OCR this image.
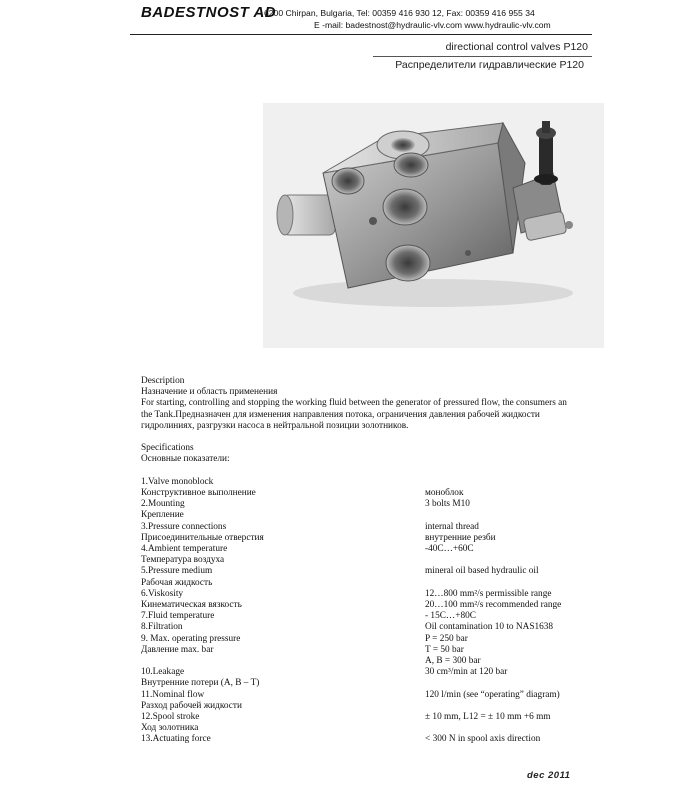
BADESTNOST AD
6200 Chirpan, Bulgaria, Tel: 00359 416 930 12, Fax: 00359 416 955 34
E -mail: badestnost@hydraulic-vlv.com www.hydraulic-vlv.com
directional control valves P120
Распределители гидравлические P120

Description

Назначение и область применения

For starting, controlling and stopping the working fluid between the generator of pressured flow, the consumers an

the Tank.Предназначен для изменения направления потока, ограничения давления рабочей жидкости

гидролиниях, разгрузки насоса в нейтральной позиции золотников.

Specifications

Основные показатели:

1.Valve monoblock
Конструктивное выполнение	моноблок
2.Mounting	3 bolts M10
Крепление
3.Pressure connections	internal thread
Присоединительные отверстия	внутренние резби
4.Ambient temperature	-40C…+60C
Температура воздуха
5.Pressure medium	mineral oil based hydraulic oil
Рабочая жидкость
6.Viskosity	12…800 mm²/s permissible range
Кинематическая вязкость	20…100 mm²/s recommended range
7.Fluid temperature	- 15C…+80C
8.Filtration	Oil contamination 10 to NAS1638
9. Max. operating pressure	P = 250 bar
Давление max. bar	T = 50 bar
A, B = 300 bar
10.Leakage	30 cm³/min at 120 bar
Внутренние потери (A, B – T)
11.Nominal flow	120 l/min (see “operating” diagram)
Разход рабочей жидкости
12.Spool stroke	± 10 mm, L12 = ± 10 mm +6 mm
Ход золотника
13.Actuating force	< 300 N in spool axis direction
dec 2011
